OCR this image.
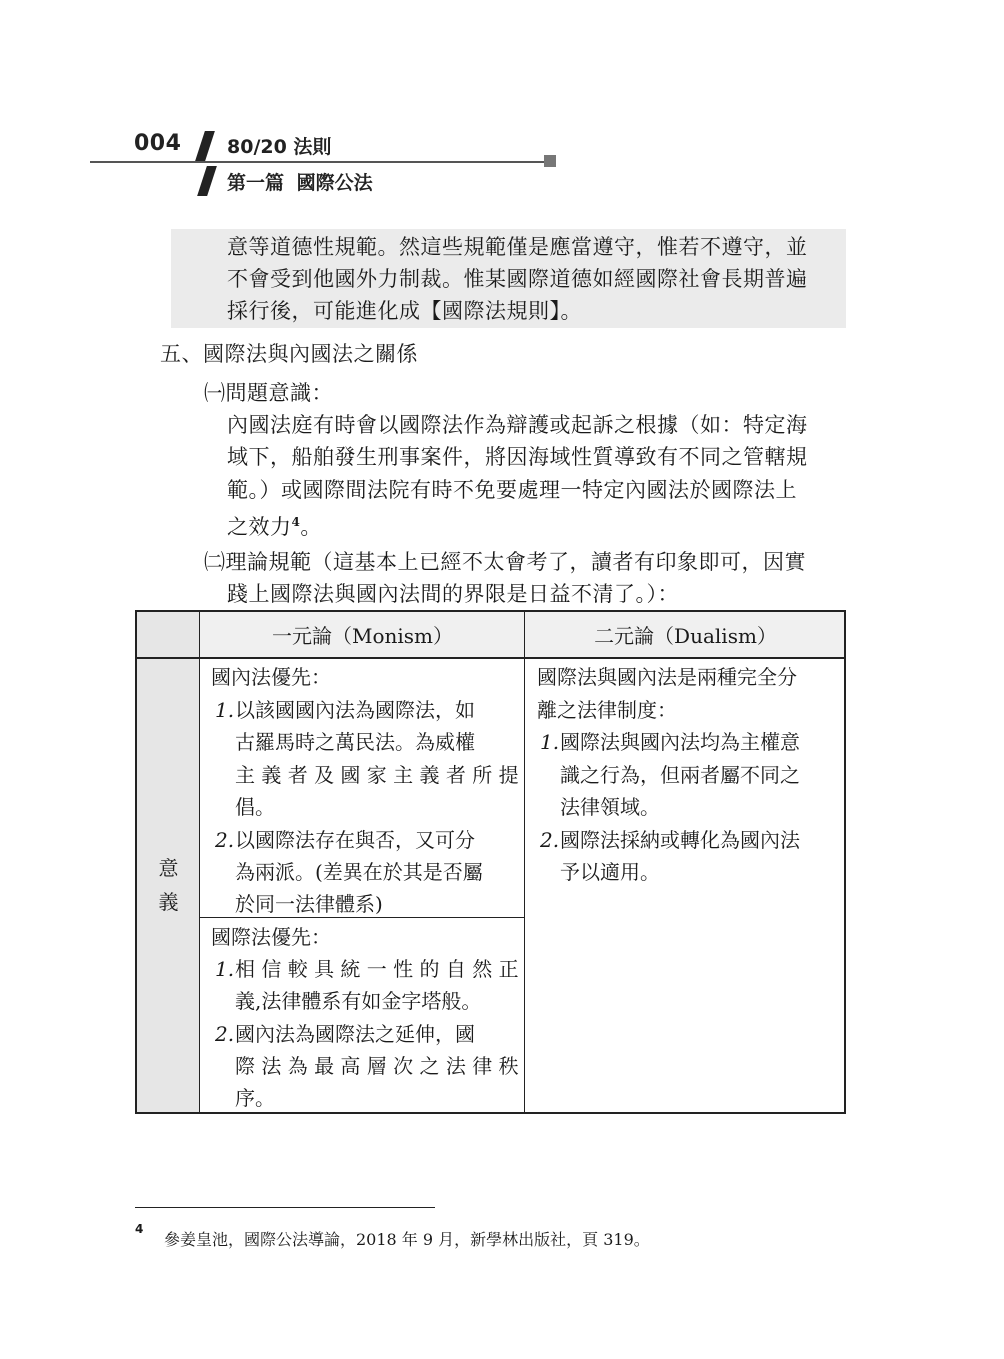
004 80/20 法則
第一篇 國際公法
意等道德性規範。然這些規範僅是應當遵守，惟若不遵守，並
不會受到他國外力制裁。惟某國際道德如經國際社會長期普遍
採行後，可能進化成【國際法規則】。
五、國際法與內國法之關係
㈠問題意識：
內國法庭有時會以國際法作為辯護或起訴之根據（如：特定海
域下，船舶發生刑事案件，將因海域性質導致有不同之管轄規
範。）或國際間法院有時不免要處理一特定內國法於國際法上
之效力$^4$。
㈡理論規範（這基本上已經不太會考了，讀者有印象即可，因實
踐上國際法與國內法間的界限是日益不清了。）：
一元論（Monism）	二元論（Dualism）
意
義
國內法優先：
1. 以該國國內法為國際法，如
古羅馬時之萬民法。為威權
主 義 者 及 國 家 主 義 者 所 提
倡。
2. 以國際法存在與否，又可分
為兩派。(差異在於其是否屬
於同一法律體系)
國際法優先：
1. 相 信 較 具 統 一 性 的 自 然 正
義,法律體系有如金字塔般。
2. 國內法為國際法之延伸，國
際 法 為 最 高 層 次 之 法 律 秩
序。
國際法與國內法是兩種完全分
離之法律制度：
1. 國際法與國內法均為主權意
識之行為，但兩者屬不同之
法律領域。
2. 國際法採納或轉化為國內法
予以適用。
4
參姜皇池，國際公法導論，2018 年 9 月，新學林出版社，頁 319。
